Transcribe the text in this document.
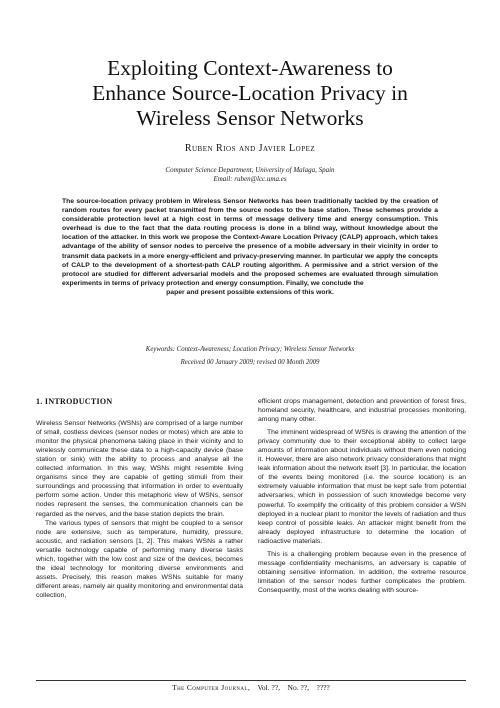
Exploiting Context-Awareness to
Enhance Source-Location Privacy in
Wireless Sensor Networks
Ruben Rios and Javier Lopez
Computer Science Department, University of Malaga, Spain
Email: ruben@lcc.uma.es
The source-location privacy problem in Wireless Sensor Networks has been traditionally tackled by the creation of random routes for every packet transmitted from the source nodes to the base station. These schemes provide a considerable protection level at a high cost in terms of message delivery time and energy consumption. This overhead is due to the fact that the data routing process is done in a blind way, without knowledge about the location of the attacker. In this work we propose the Context-Aware Location Privacy (CALP) approach, which takes advantage of the ability of sensor nodes to perceive the presence of a mobile adversary in their vicinity in order to transmit data packets in a more energy-efficient and privacy-preserving manner. In particular we apply the concepts of CALP to the development of a shortest-path CALP routing algorithm. A permissive and a strict version of the protocol are studied for different adversarial models and the proposed schemes are evaluated through simulation experiments in terms of privacy protection and energy consumption. Finally, we conclude the
paper and present possible extensions of this work.
Keywords: Context-Awareness; Location Privacy; Wireless Sensor Networks
Received 00 January 2009; revised 00 Month 2009
1. INTRODUCTION

Wireless Sensor Networks (WSNs) are comprised of a large number of small, costless devices (sensor nodes or motes) which are able to monitor the physical phenomena taking place in their vicinity and to wirelessly communicate these data to a high-capacity device (base station or sink) with the ability to process and analyse all the collected information. In this way, WSNs might resemble living organisms since they are capable of getting stimuli from their surroundings and processing that information in order to eventually perform some action. Under this metaphoric view of WSNs, sensor nodes represent the senses, the communication channels can be regarded as the nerves, and the base station depicts the brain.

The various types of sensors that might be coupled to a sensor node are extensive, such as temperature, humidity, pressure, acoustic, and radiation sensors [1, 2]. This makes WSNs a rather versatile technology capable of performing many diverse tasks which, together with the low cost and size of the devices, becomes the ideal technology for monitoring diverse environments and assets. Precisely, this reason makes WSNs suitable for many different areas, namely air quality monitoring and environmental data collection,

efficient crops management, detection and prevention of forest fires, homeland security, healthcare, and industrial processes monitoring, among many other.

The imminent widespread of WSNs is drawing the attention of the privacy community due to their exceptional ability to collect large amounts of information about individuals without them even noticing it. However, there are also network privacy considerations that might leak information about the network itself [3]. In particular, the location of the events being monitored (i.e. the source location) is an extremely valuable information that must be kept safe from potential adversaries, which in possession of such knowledge become very powerful. To exemplify the criticality of this problem consider a WSN deployed in a nuclear plant to monitor the levels of radiation and thus keep control of possible leaks. An attacker might benefit from the already deployed infrastructure to determine the location of radioactive materials.

This is a challenging problem because even in the presence of message confidentiality mechanisms, an adversary is capable of obtaining sensitive information. In addition, the extreme resource limitation of the sensor nodes further complicates the problem. Consequently, most of the works dealing with source-

The Computer Journal, Vol. ??, No. ??, ????
